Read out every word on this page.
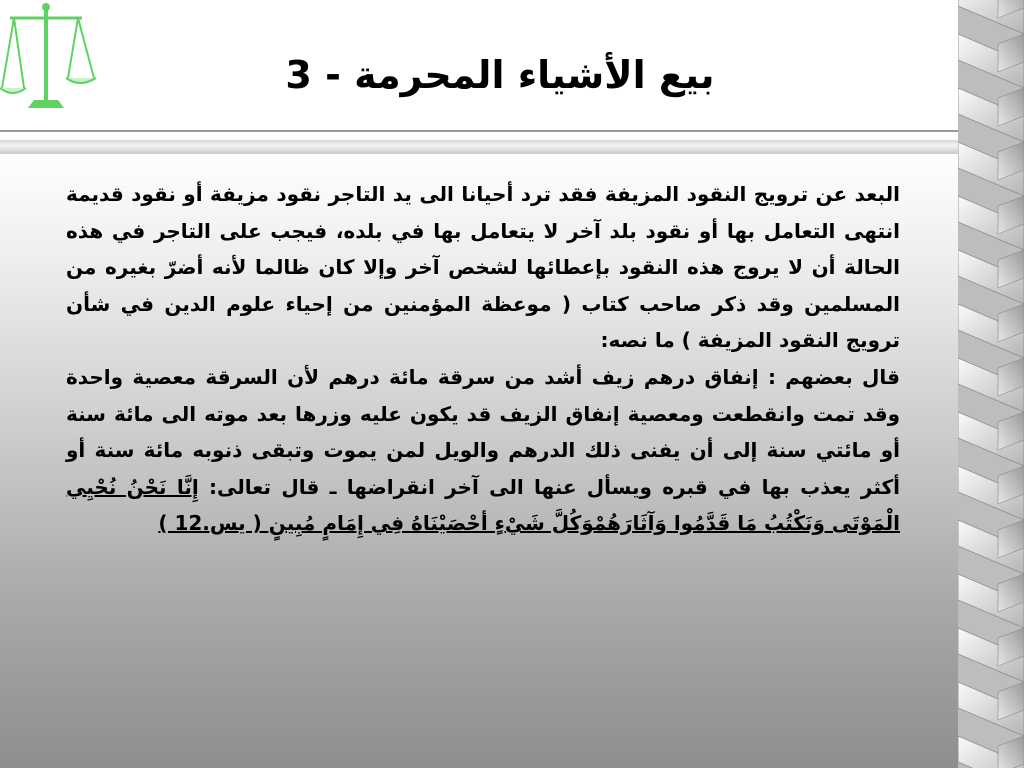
بيع الأشياء المحرمة - 3
البعد عن ترويج النقود المزيفة فقد ترد أحيانا الى يد التاجر نقود مزيفة أو نقود قديمة انتهى التعامل بها أو نقود بلد آخر لا يتعامل بها في بلده، فيجب على التاجر في هذه الحالة أن لا يروج هذه النقود بإعطائها لشخص آخر وإلا كان ظالما لأنه أضرّ بغيره من المسلمين وقد ذكر صاحب كتاب ( موعظة المؤمنين من إحياء علوم الدين في شأن ترويج النقود المزيفة ) ما نصه:
قال بعضهم : إنفاق درهم زيف أشد من سرقة مائة درهم لأن السرقة معصية واحدة وقد تمت وانقطعت ومعصية إنفاق الزيف قد يكون عليه وزرها بعد موته الى مائة سنة أو مائتي سنة إلى أن يفنى ذلك الدرهم والويل لمن يموت وتبقى ذنوبه مائة سنة أو أكثر يعذب بها في قبره ويسأل عنها الى آخر انقراضها ـ قال تعالى: إِنَّا نَحْنُ نُحْيِي الْمَوْتَى وَنَكْتُبُ مَا قَدَّمُوا وَآثَارَهُمْوَكُلَّ شَيْءٍ أحْصَيْنَاهُ فِي إِمَامٍ مُبِينٍ ( يس.12 )
